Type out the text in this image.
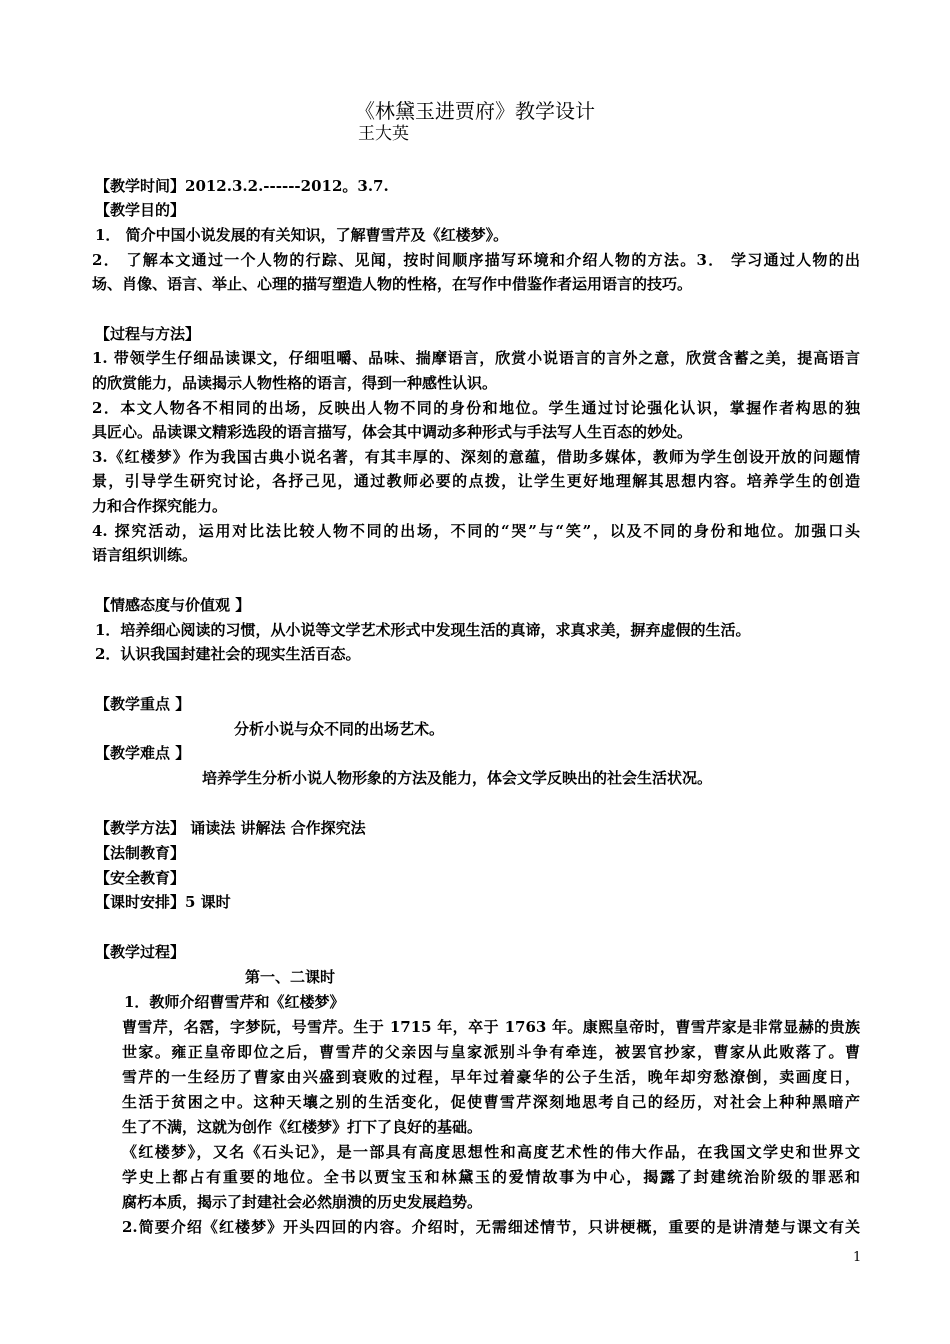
《林黛玉进贾府》教学设计
王大英
【教学时间】2012.3.2.------2012。3.7.
【教学目的】
1． 简介中国小说发展的有关知识，了解曹雪芹及《红楼梦》。
2． 了解本文通过一个人物的行踪、见闻，按时间顺序描写环境和介绍人物的方法。3． 学习通过人物的出
场、肖像、语言、举止、心理的描写塑造人物的性格，在写作中借鉴作者运用语言的技巧。
【过程与方法】
1. 带领学生仔细品读课文，仔细咀嚼、品味、揣摩语言，欣赏小说语言的言外之意，欣赏含蓄之美，提高语言
的欣赏能力，品读揭示人物性格的语言，得到一种感性认识。
2．本文人物各不相同的出场，反映出人物不同的身份和地位。学生通过讨论强化认识，掌握作者构思的独
具匠心。品读课文精彩选段的语言描写，体会其中调动多种形式与手法写人生百态的妙处。
3.《红楼梦》作为我国古典小说名著，有其丰厚的、深刻的意蕴，借助多媒体，教师为学生创设开放的问题情
景，引导学生研究讨论，各抒己见，通过教师必要的点拨，让学生更好地理解其思想内容。培养学生的创造
力和合作探究能力。
4. 探究活动，运用对比法比较人物不同的出场，不同的“哭”与“笑”，以及不同的身份和地位。加强口头
语言组织训练。
【情感态度与价值观 】
1．培养细心阅读的习惯，从小说等文学艺术形式中发现生活的真谛，求真求美，摒弃虚假的生活。
2．认识我国封建社会的现实生活百态。
【教学重点 】
分析小说与众不同的出场艺术。
【教学难点 】
培养学生分析小说人物形象的方法及能力，体会文学反映出的社会生活状况。
【教学方法】 诵读法 讲解法 合作探究法
【法制教育】
【安全教育】
【课时安排】5 课时
【教学过程】
第一、二课时
1．教师介绍曹雪芹和《红楼梦》
曹雪芹，名霑，字梦阮，号雪芹。生于 1715 年，卒于 1763 年。康熙皇帝时，曹雪芹家是非常显赫的贵族
世家。雍正皇帝即位之后，曹雪芹的父亲因与皇家派别斗争有牵连，被罢官抄家，曹家从此败落了。曹
雪芹的一生经历了曹家由兴盛到衰败的过程，早年过着豪华的公子生活，晚年却穷愁潦倒，卖画度日，
生活于贫困之中。这种天壤之别的生活变化，促使曹雪芹深刻地思考自己的经历，对社会上种种黑暗产
生了不满，这就为创作《红楼梦》打下了良好的基础。
《红楼梦》，又名《石头记》，是一部具有高度思想性和高度艺术性的伟大作品，在我国文学史和世界文
学史上都占有重要的地位。全书以贾宝玉和林黛玉的爱情故事为中心，揭露了封建统治阶级的罪恶和
腐朽本质，揭示了封建社会必然崩溃的历史发展趋势。
2.简要介绍《红楼梦》开头四回的内容。介绍时，无需细述情节，只讲梗概，重要的是讲清楚与课文有关
1
